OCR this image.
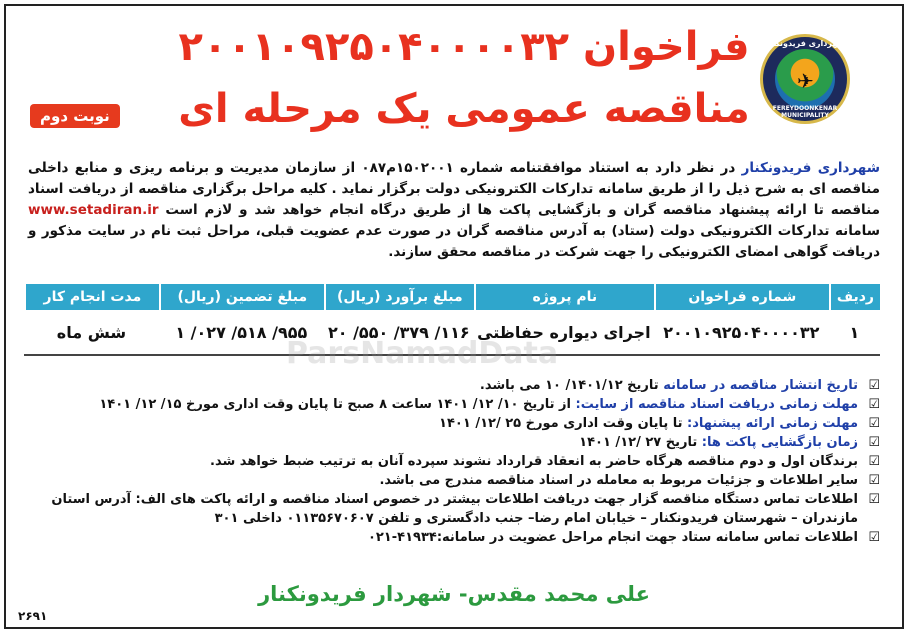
شهرداری فریدونکنار
✈
FEREYDOONKENAR MUNICIPALITY
فراخوان ۲۰۰۱۰۹۲۵۰۴۰۰۰۰۳۲
مناقصه عمومی یک مرحله ای
نوبت دوم
شهرداری فریدونکنار در نظر دارد به استناد موافقتنامه شماره ۱۵۰۲۰۰۱م۰۸۷ از سازمان مدیریت و برنامه ریزی و منابع داخلی مناقصه ای به شرح ذیل را از طریق سامانه تدارکات الکترونیکی دولت برگزار نماید . کلیه مراحل برگزاری مناقصه از دریافت اسناد مناقصه تا ارائه پیشنهاد مناقصه گران و بازگشایی پاکت ها از طریق درگاه انجام خواهد شد و لازم است www.setadiran.ir سامانه تدارکات الکترونیکی دولت (ستاد) به آدرس مناقصه گران در صورت عدم عضویت قبلی، مراحل ثبت نام در سایت مذکور و دریافت گواهی امضای الکترونیکی را جهت شرکت در مناقصه محقق سازند.
ردیف	شماره فراخوان	نام پروژه	مبلغ برآورد (ریال)	مبلغ تضمین (ریال)	مدت انجام کار
۱	۲۰۰۱۰۹۲۵۰۴۰۰۰۰۳۲	اجرای دیواره حفاظتی	۱۱۶/ ۳۷۹/ ۵۵۰/ ۲۰	۹۵۵/ ۵۱۸/ ۰۲۷/ ۱	شش ماه
ParsNamadData
☑
تاریخ انتشار مناقصه در سامانه تاریخ ۱۴۰۱/۱۲/ ۱۰ می باشد.
☑
مهلت زمانی دریافت اسناد مناقصه از سایت: از تاریخ ۱۰/ ۱۲/ ۱۴۰۱ ساعت ۸ صبح تا پایان وقت اداری مورخ ۱۵/ ۱۲/ ۱۴۰۱
☑
مهلت زمانی ارائه پیشنهاد: تا پایان وقت اداری مورخ ۲۵ /۱۲/ ۱۴۰۱
☑
زمان بازگشایی پاکت ها: تاریخ ۲۷ /۱۲/ ۱۴۰۱
☑
برندگان اول و دوم مناقصه هرگاه حاضر به انعقاد قرارداد نشوند سپرده آنان به ترتیب ضبط خواهد شد.
☑
سایر اطلاعات و جزئیات مربوط به معامله در اسناد مناقصه مندرج می باشد.
☑
اطلاعات تماس دستگاه مناقصه گزار جهت دریافت اطلاعات بیشتر در خصوص اسناد مناقصه و ارائه پاکت های الف: آدرس استان مازندران – شهرستان فریدونکنار – خیابان امام رضا– جنب دادگستری و تلفن ۰۱۱۳۵۶۷۰۶۰۷ داخلی ۳۰۱
☑
اطلاعات تماس سامانه ستاد جهت انجام مراحل عضویت در سامانه:۴۱۹۳۴-۰۲۱
علی محمد مقدس- شهردار فریدونکنار
۲۶۹۱
